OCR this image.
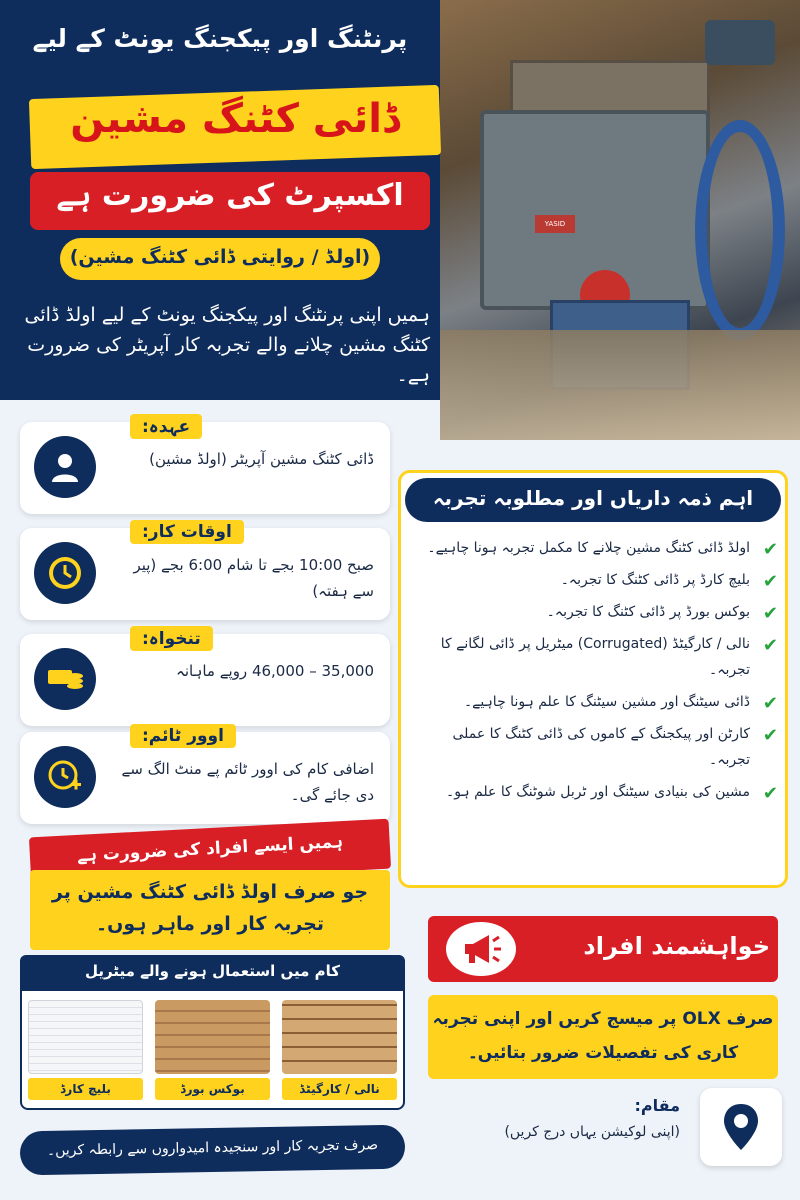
YASID
پرنٹنگ اور پیکجنگ یونٹ کے لیے
ڈائی کٹنگ مشین
اکسپرٹ کی ضرورت ہے
(اولڈ / روایتی ڈائی کٹنگ مشین)
ہمیں اپنی پرنٹنگ اور پیکجنگ یونٹ کے لیے اولڈ ڈائی کٹنگ مشین چلانے والے تجربہ کار آپریٹر کی ضرورت ہے۔
عہدہ:
ڈائی کٹنگ مشین آپریٹر (اولڈ مشین)
اوقات کار:
صبح 10:00 بجے تا شام 6:00 بجے (پیر سے ہفتہ)
تنخواہ:
35,000 – 46,000 روپے ماہانہ
اوور ٹائم:
اضافی کام کی اوور ٹائم پے منٹ الگ سے دی جائے گی۔
اہم ذمہ داریاں اور مطلوبہ تجربہ
✔
اولڈ ڈائی کٹنگ مشین چلانے کا مکمل تجربہ ہونا چاہیے۔
✔
بلیچ کارڈ پر ڈائی کٹنگ کا تجربہ۔
✔
بوکس بورڈ پر ڈائی کٹنگ کا تجربہ۔
✔
نالی / کارگیٹڈ (Corrugated) میٹریل پر ڈائی لگانے کا تجربہ۔
✔
ڈائی سیٹنگ اور مشین سیٹنگ کا علم ہونا چاہیے۔
✔
کارٹن اور پیکجنگ کے کاموں کی ڈائی کٹنگ کا عملی تجربہ۔
✔
مشین کی بنیادی سیٹنگ اور ٹربل شوٹنگ کا علم ہو۔
ہمیں ایسے افراد کی ضرورت ہے
جو صرف اولڈ ڈائی کٹنگ مشین پر تجربہ کار اور ماہر ہوں۔
کام میں استعمال ہونے والے میٹریل
بلیچ کارڈ	بوکس بورڈ	نالی / کارگیٹڈ
صرف تجربہ کار اور سنجیدہ امیدواروں سے رابطہ کریں۔
خواہشمند افراد
صرف OLX پر میسج کریں اور اپنی تجربہ کاری کی تفصیلات ضرور بتائیں۔
مقام:
(اپنی لوکیشن یہاں درج کریں)
